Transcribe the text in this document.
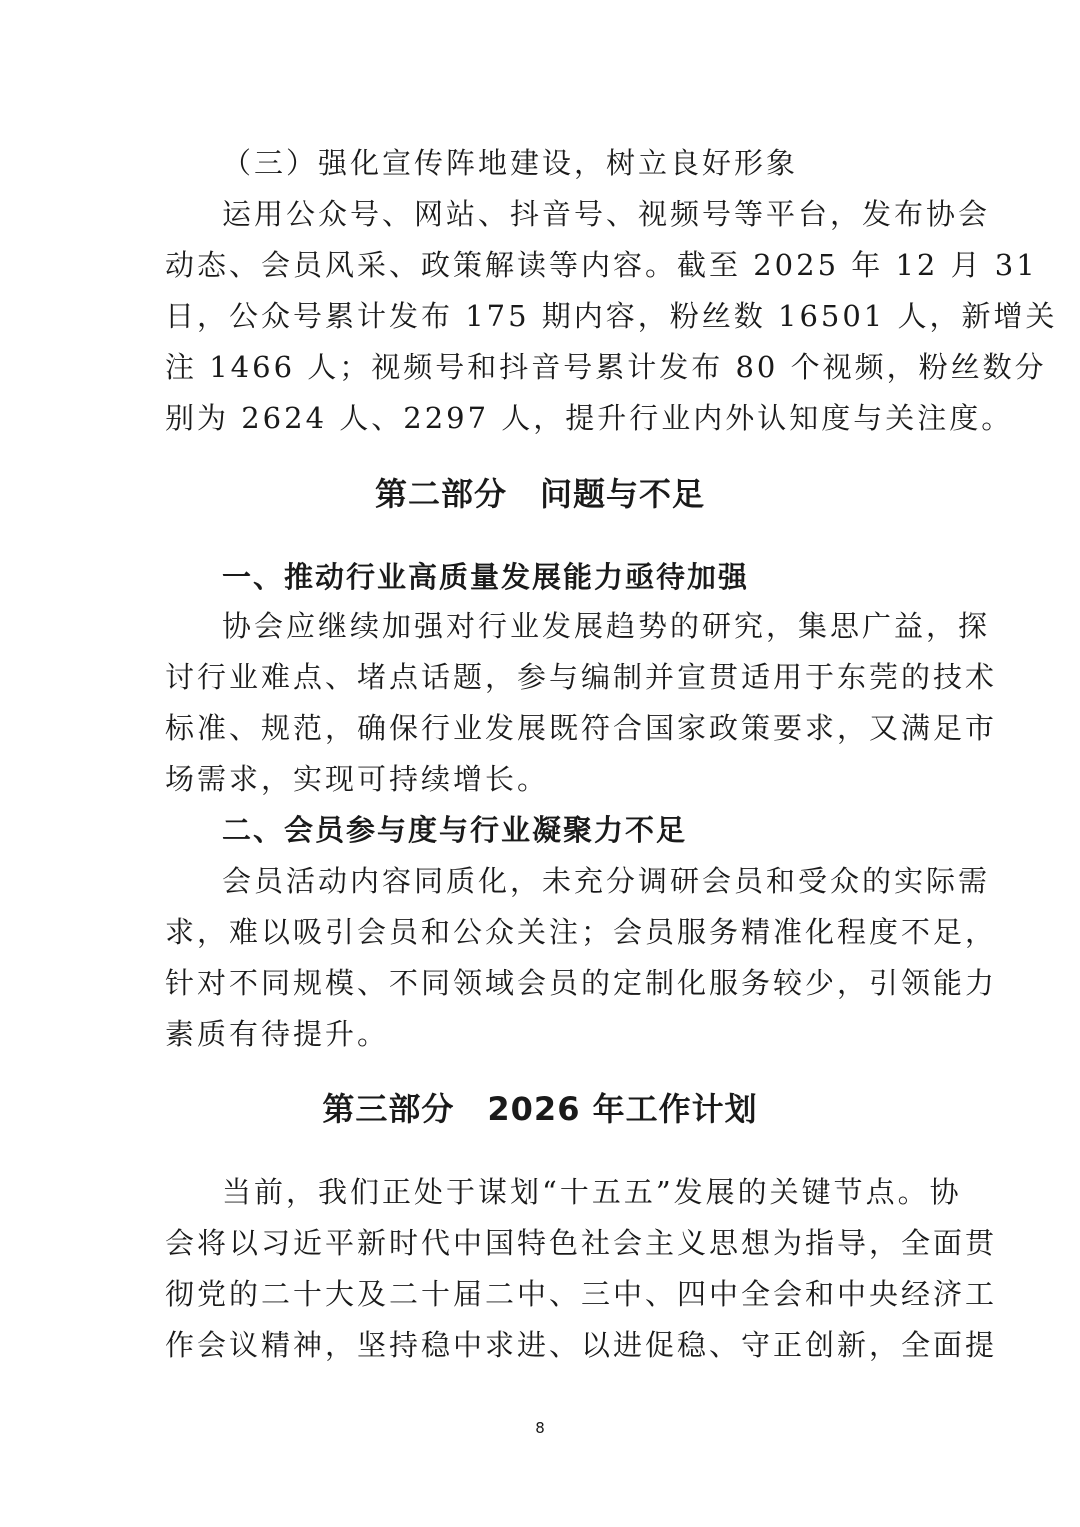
（三）强化宣传阵地建设，树立良好形象
运用公众号、网站、抖音号、视频号等平台，发布协会
动态、会员风采、政策解读等内容。截至 2025 年 12 月 31
日，公众号累计发布 175 期内容，粉丝数 16501 人，新增关
注 1466 人；视频号和抖音号累计发布 80 个视频，粉丝数分
别为 2624 人、2297 人，提升行业内外认知度与关注度。
第二部分　问题与不足
一、推动行业高质量发展能力亟待加强
协会应继续加强对行业发展趋势的研究，集思广益，探
讨行业难点、堵点话题，参与编制并宣贯适用于东莞的技术
标准、规范，确保行业发展既符合国家政策要求，又满足市
场需求，实现可持续增长。
二、会员参与度与行业凝聚力不足
会员活动内容同质化，未充分调研会员和受众的实际需
求，难以吸引会员和公众关注；会员服务精准化程度不足，
针对不同规模、不同领域会员的定制化服务较少，引领能力
素质有待提升。
第三部分　2026 年工作计划
当前，我们正处于谋划“十五五”发展的关键节点。协
会将以习近平新时代中国特色社会主义思想为指导，全面贯
彻党的二十大及二十届二中、三中、四中全会和中央经济工
作会议精神，坚持稳中求进、以进促稳、守正创新，全面提
8
